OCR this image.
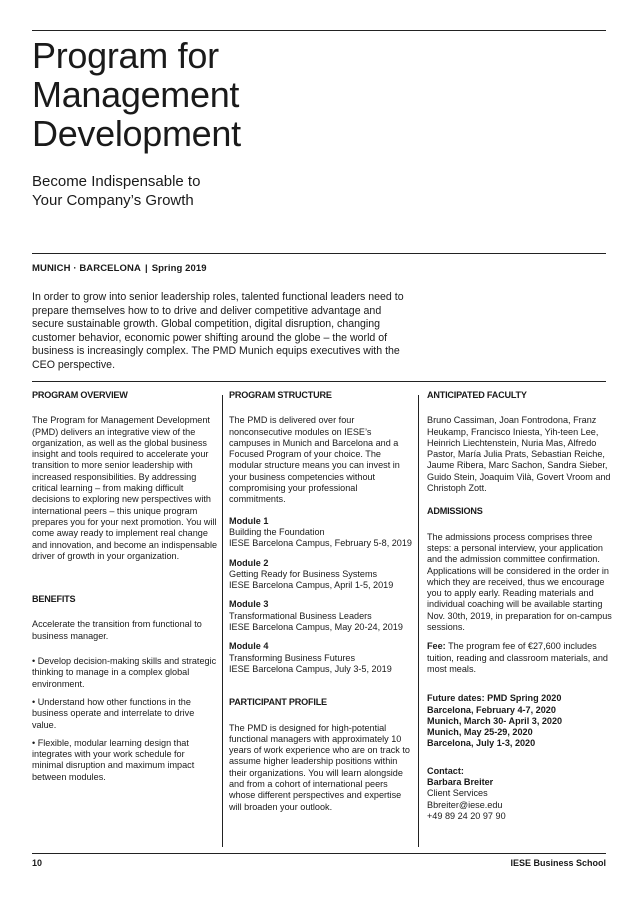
Program for
Management
Development
Become Indispensable to
Your Company’s Growth
MUNICH · BARCELONA | Spring 2019

In order to grow into senior leadership roles, talented functional leaders need to prepare themselves how to to drive and deliver competitive advantage and secure sustainable growth. Global competition, digital disruption, changing customer behavior, economic power shifting around the globe – the world of business is increasingly complex. The PMD Munich equips executives with the CEO perspective.

PROGRAM OVERVIEW

The Program for Management Development (PMD) delivers an integrative view of the organization, as well as the global business insight and tools required to accelerate your transition to more senior leadership with increased responsibilities. By addressing critical learning – from making difficult decisions to exploring new perspectives with international peers – this unique program prepares you for your next promotion. You will come away ready to implement real change and innovation, and become an indispensable driver of growth in your organization.

BENEFITS

Accelerate the transition from functional to business manager.

• Develop decision-making skills and strategic thinking to manage in a complex global environment.

• Understand how other functions in the business operate and interrelate to drive value.

• Flexible, modular learning design that integrates with your work schedule for minimal disruption and maximum impact between modules.

PROGRAM STRUCTURE

The PMD is delivered over four nonconsecutive modules on IESE’s campuses in Munich and Barcelona and a Focused Program of your choice. The modular structure means you can invest in your business competencies without compromising your professional commitments.

Module 1
Building the Foundation
IESE Barcelona Campus, February 5-8, 2019
Module 2
Getting Ready for Business Systems
IESE Barcelona Campus, April 1-5, 2019
Module 3
Transformational Business Leaders
IESE Barcelona Campus, May 20-24, 2019
Module 4
Transforming Business Futures
IESE Barcelona Campus, July 3-5, 2019
PARTICIPANT PROFILE

The PMD is designed for high-potential functional managers with approximately 10 years of work experience who are on track to assume higher leadership positions within their organizations. You will learn alongside and from a cohort of international peers whose different perspectives and expertise will broaden your outlook.

ANTICIPATED FACULTY

Bruno Cassiman, Joan Fontrodona, Franz Heukamp, Francisco Iniesta, Yih-teen Lee, Heinrich Liechtenstein, Nuria Mas, Alfredo Pastor, María Julia Prats, Sebastian Reiche, Jaume Ribera, Marc Sachon, Sandra Sieber, Guido Stein, Joaquim Vilà, Govert Vroom and Christoph Zott.

ADMISSIONS

The admissions process comprises three steps: a personal interview, your application and the admission committee confirmation. Applications will be considered in the order in which they are received, thus we encourage you to apply early. Reading materials and individual coaching will be available starting Nov. 30th, 2019, in preparation for on-campus sessions.

Fee: The program fee of €27,600 includes tuition, reading and classroom materials, and most meals.

Future dates: PMD Spring 2020
Barcelona, February 4-7, 2020
Munich, March 30- April 3, 2020
Munich, May 25-29, 2020
Barcelona, July 1-3, 2020
Contact:
Barbara Breiter
Client Services
Bbreiter@iese.edu
+49 89 24 20 97 90
10	IESE Business School
